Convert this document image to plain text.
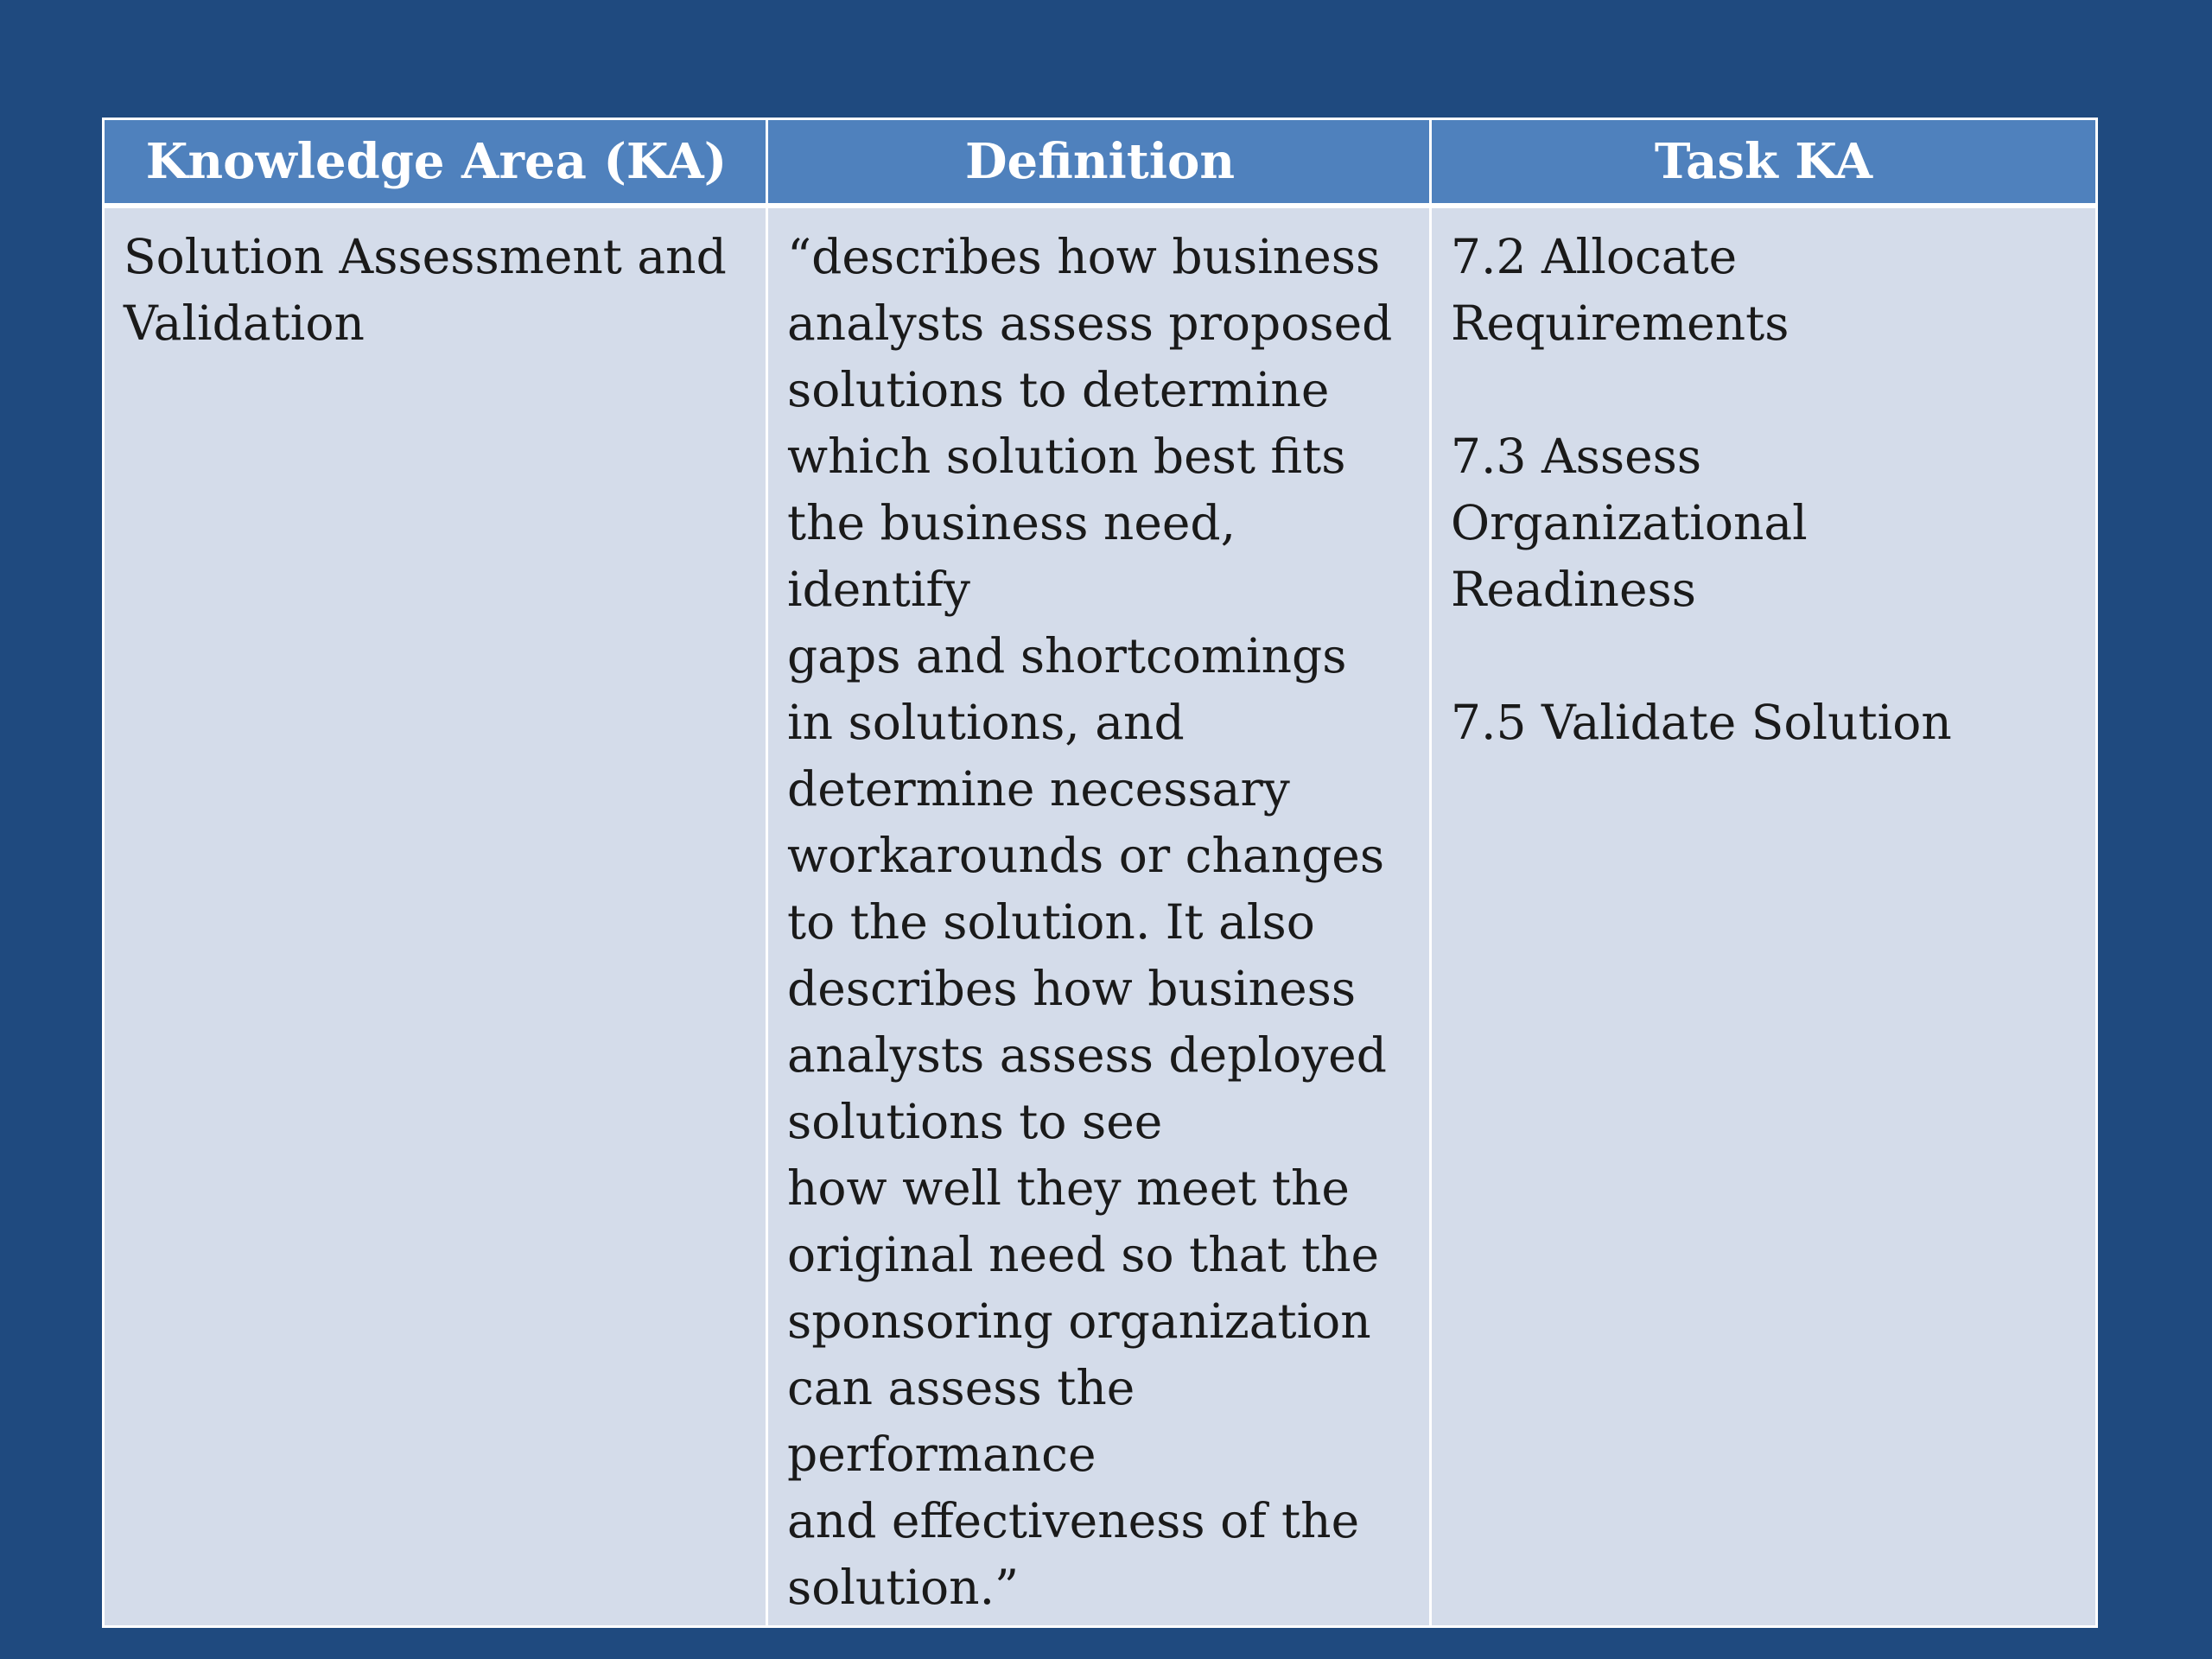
Knowledge Area (KA)	Definition	Task KA
Solution Assessment and
Validation
“describes how business
analysts assess proposed
solutions to determine
which solution best fits
the business need,
identify
gaps and shortcomings
in solutions, and
determine necessary
workarounds or changes
to the solution. It also
describes how business
analysts assess deployed
solutions to see
how well they meet the
original need so that the
sponsoring organization
can assess the
performance
and effectiveness of the
solution.”
7.2 Allocate
Requirements
7.3 Assess
Organizational
Readiness
7.5 Validate Solution
